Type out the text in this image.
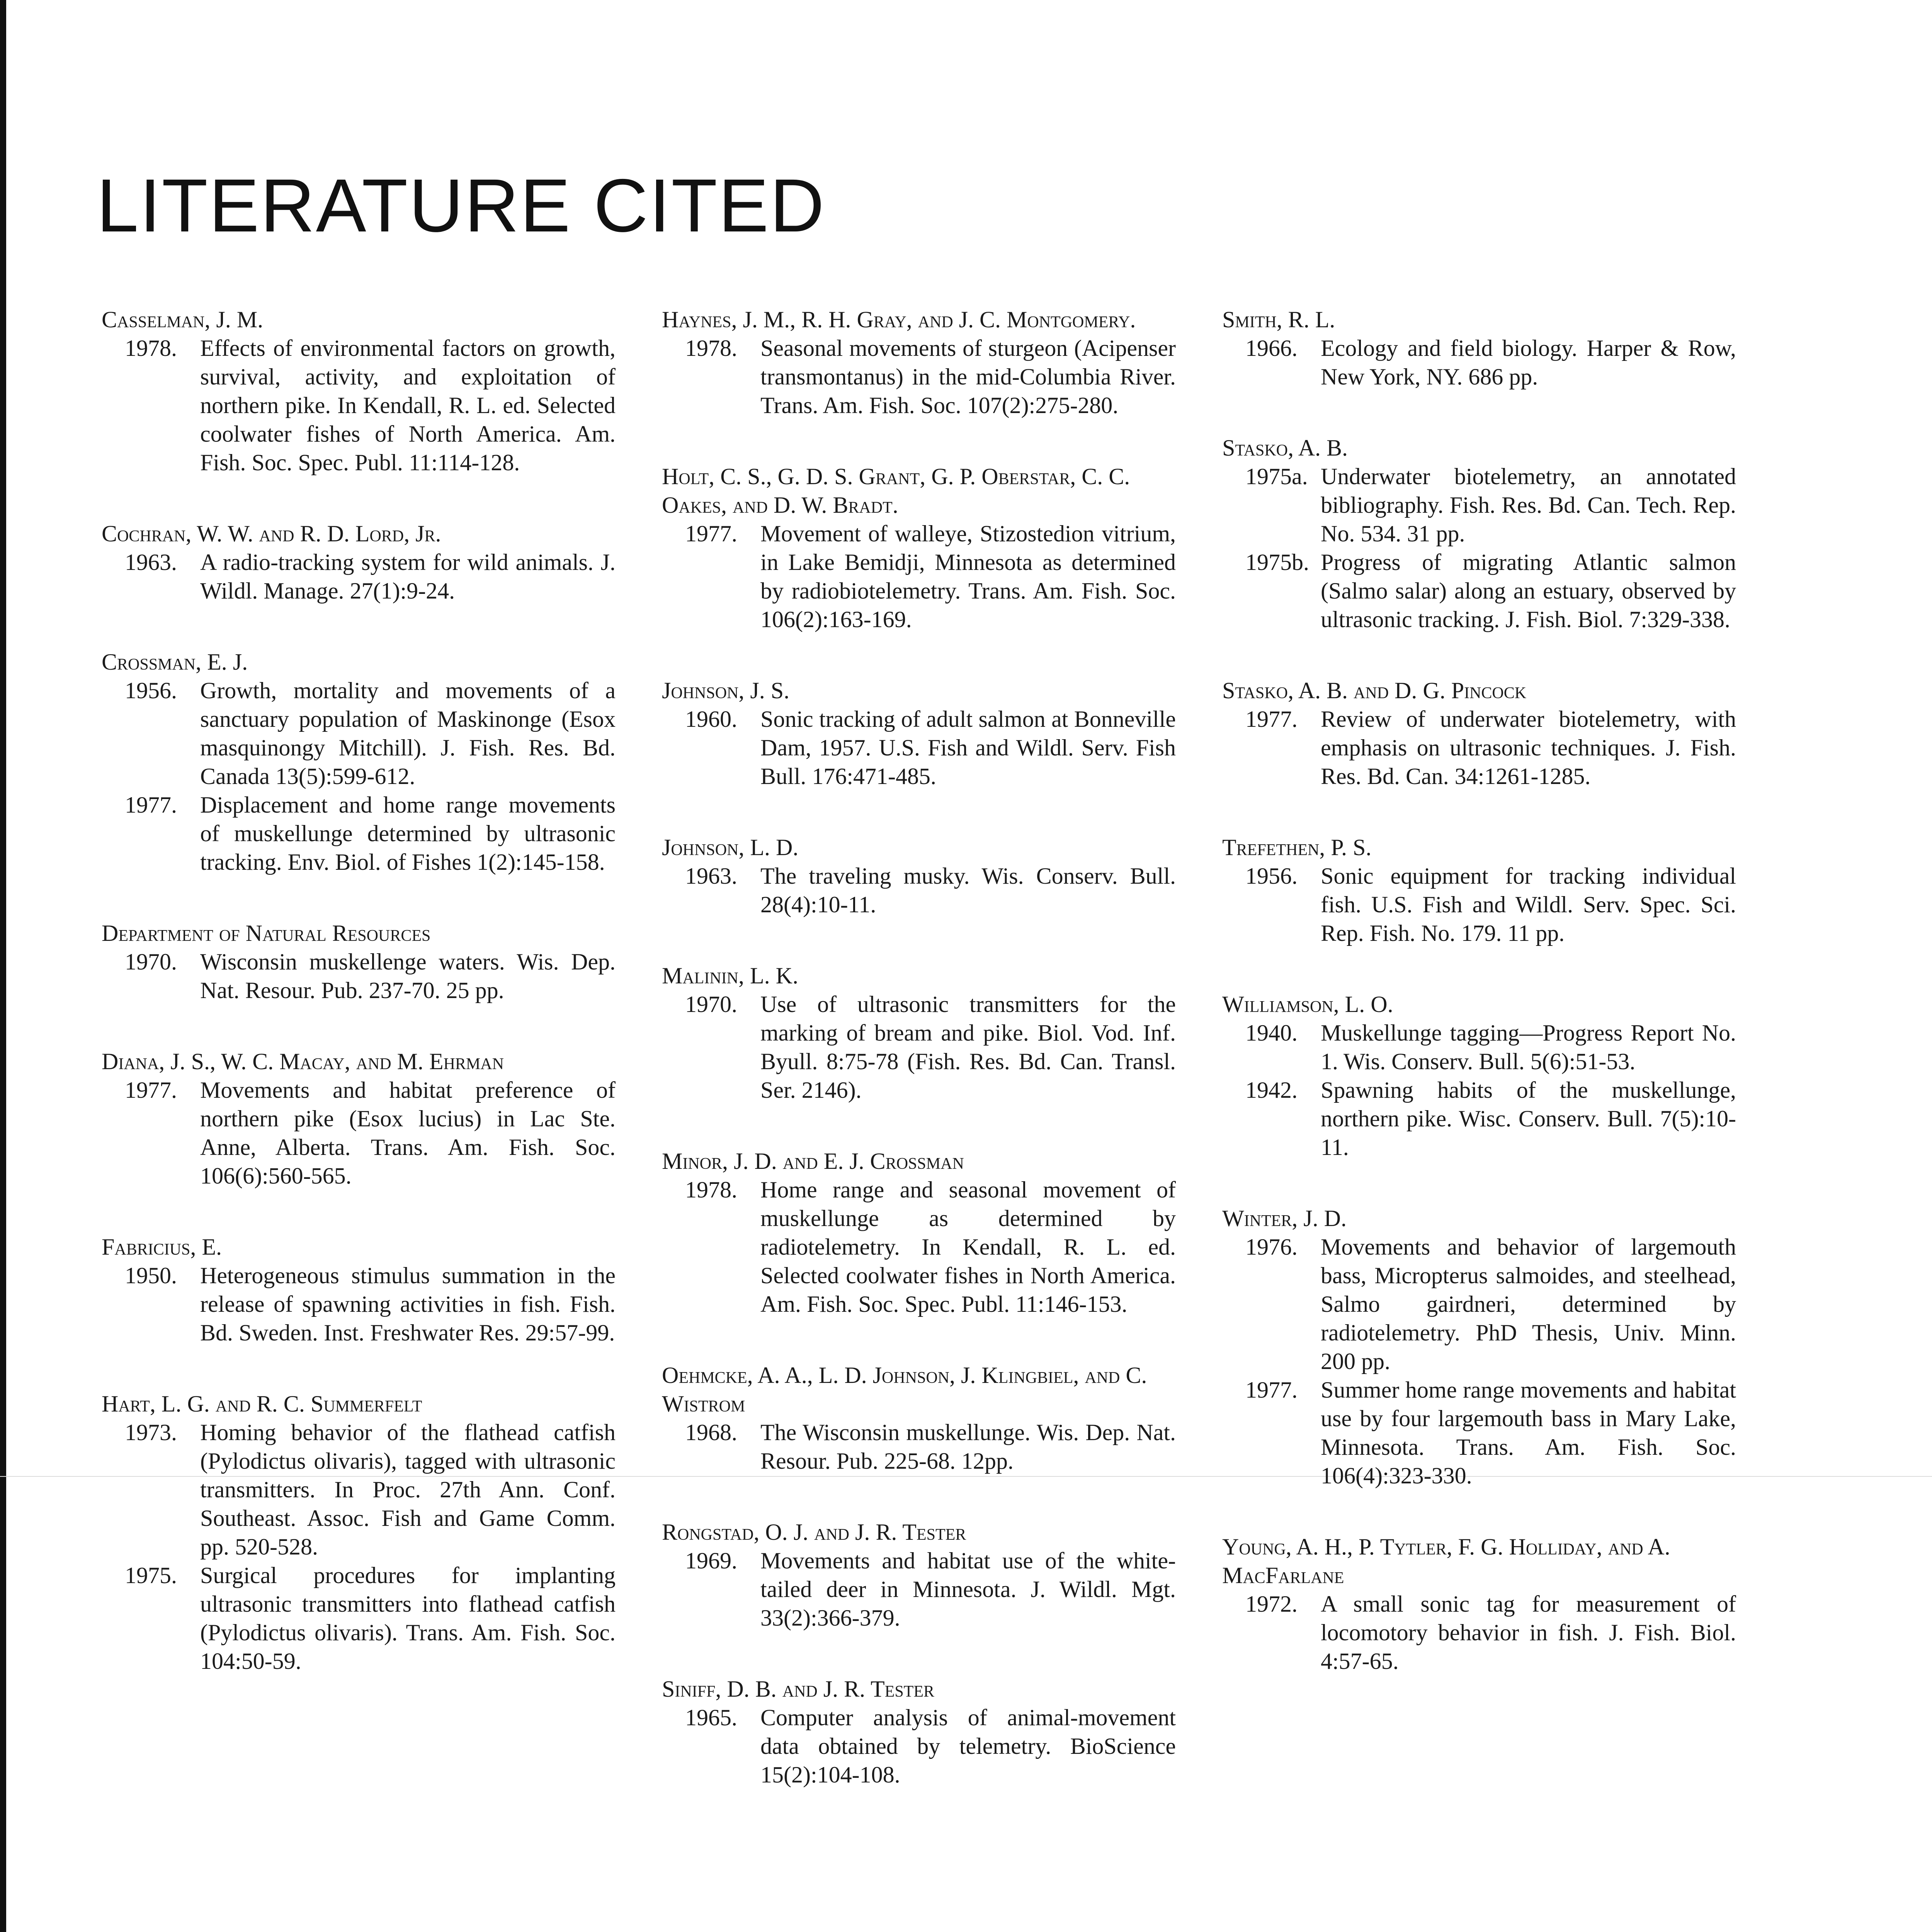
LITERATURE CITED
Casselman, J. M.
1978. Effects of environmental factors on growth, survival, activity, and exploitation of northern pike. In Kendall, R. L. ed. Selected coolwater fishes of North America. Am. Fish. Soc. Spec. Publ. 11:114-128.
Cochran, W. W. and R. D. Lord, Jr.
1963. A radio-tracking system for wild animals. J. Wildl. Manage. 27(1):9-24.
Crossman, E. J.
1956. Growth, mortality and movements of a sanctuary population of Maskinonge (Esox masquinongy Mitchill). J. Fish. Res. Bd. Canada 13(5):599-612.
1977. Displacement and home range movements of muskellunge determined by ultrasonic tracking. Env. Biol. of Fishes 1(2):145-158.
Department of Natural Resources
1970. Wisconsin muskellenge waters. Wis. Dep. Nat. Resour. Pub. 237-70. 25 pp.
Diana, J. S., W. C. Macay, and M. Ehrman
1977. Movements and habitat preference of northern pike (Esox lucius) in Lac Ste. Anne, Alberta. Trans. Am. Fish. Soc. 106(6):560-565.
Fabricius, E.
1950. Heterogeneous stimulus summation in the release of spawning activities in fish. Fish. Bd. Sweden. Inst. Freshwater Res. 29:57-99.
Hart, L. G. and R. C. Summerfelt
1973. Homing behavior of the flathead catfish (Pylodictus olivaris), tagged with ultrasonic transmitters. In Proc. 27th Ann. Conf. Southeast. Assoc. Fish and Game Comm. pp. 520-528.
1975. Surgical procedures for implanting ultrasonic transmitters into flathead catfish (Pylodictus olivaris). Trans. Am. Fish. Soc. 104:50-59.
Haynes, J. M., R. H. Gray, and J. C. Montgomery.
1978. Seasonal movements of sturgeon (Acipenser transmontanus) in the mid-Columbia River. Trans. Am. Fish. Soc. 107(2):275-280.
Holt, C. S., G. D. S. Grant, G. P. Oberstar, C. C. Oakes, and D. W. Bradt.
1977. Movement of walleye, Stizostedion vitrium, in Lake Bemidji, Minnesota as determined by radiobiotelemetry. Trans. Am. Fish. Soc. 106(2):163-169.
Johnson, J. S.
1960. Sonic tracking of adult salmon at Bonneville Dam, 1957. U.S. Fish and Wildl. Serv. Fish Bull. 176:471-485.
Johnson, L. D.
1963. The traveling musky. Wis. Conserv. Bull. 28(4):10-11.
Malinin, L. K.
1970. Use of ultrasonic transmitters for the marking of bream and pike. Biol. Vod. Inf. Byull. 8:75-78 (Fish. Res. Bd. Can. Transl. Ser. 2146).
Minor, J. D. and E. J. Crossman
1978. Home range and seasonal movement of muskellunge as determined by radiotelemetry. In Kendall, R. L. ed. Selected coolwater fishes in North America. Am. Fish. Soc. Spec. Publ. 11:146-153.
Oehmcke, A. A., L. D. Johnson, J. Klingbiel, and C. Wistrom
1968. The Wisconsin muskellunge. Wis. Dep. Nat. Resour. Pub. 225-68. 12pp.
Rongstad, O. J. and J. R. Tester
1969. Movements and habitat use of the white-tailed deer in Minnesota. J. Wildl. Mgt. 33(2):366-379.
Siniff, D. B. and J. R. Tester
1965. Computer analysis of animal-movement data obtained by telemetry. BioScience 15(2):104-108.
Smith, R. L.
1966. Ecology and field biology. Harper & Row, New York, NY. 686 pp.
Stasko, A. B.
1975a. Underwater biotelemetry, an annotated bibliography. Fish. Res. Bd. Can. Tech. Rep. No. 534. 31 pp.
1975b. Progress of migrating Atlantic salmon (Salmo salar) along an estuary, observed by ultrasonic tracking. J. Fish. Biol. 7:329-338.
Stasko, A. B. and D. G. Pincock
1977. Review of underwater biotelemetry, with emphasis on ultrasonic techniques. J. Fish. Res. Bd. Can. 34:1261-1285.
Trefethen, P. S.
1956. Sonic equipment for tracking individual fish. U.S. Fish and Wildl. Serv. Spec. Sci. Rep. Fish. No. 179. 11 pp.
Williamson, L. O.
1940. Muskellunge tagging—Progress Report No. 1. Wis. Conserv. Bull. 5(6):51-53.
1942. Spawning habits of the muskellunge, northern pike. Wisc. Conserv. Bull. 7(5):10-11.
Winter, J. D.
1976. Movements and behavior of largemouth bass, Micropterus salmoides, and steelhead, Salmo gairdneri, determined by radiotelemetry. PhD Thesis, Univ. Minn. 200 pp.
1977. Summer home range movements and habitat use by four largemouth bass in Mary Lake, Minnesota. Trans. Am. Fish. Soc. 106(4):323-330.
Young, A. H., P. Tytler, F. G. Holliday, and A. MacFarlane
1972. A small sonic tag for measurement of locomotory behavior in fish. J. Fish. Biol. 4:57-65.
